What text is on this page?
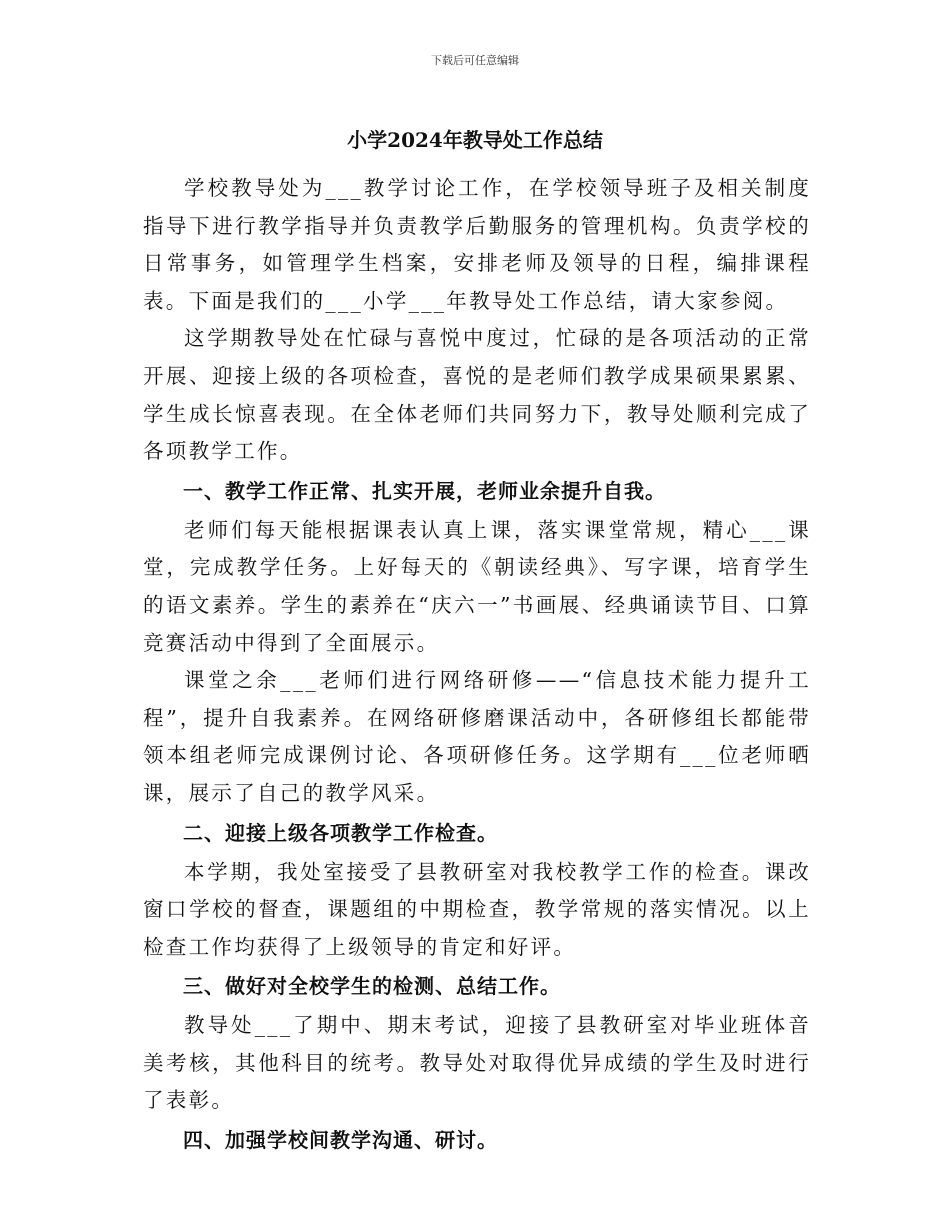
下载后可任意编辑
小学2024年教导处工作总结

学校教导处为___教学讨论工作，在学校领导班子及相关制度指导下进行教学指导并负责教学后勤服务的管理机构。负责学校的日常事务，如管理学生档案，安排老师及领导的日程，编排课程表。下面是我们的___小学___年教导处工作总结，请大家参阅。

这学期教导处在忙碌与喜悦中度过，忙碌的是各项活动的正常开展、迎接上级的各项检查，喜悦的是老师们教学成果硕果累累、学生成长惊喜表现。在全体老师们共同努力下，教导处顺利完成了各项教学工作。

一、教学工作正常、扎实开展，老师业余提升自我。

老师们每天能根据课表认真上课，落实课堂常规，精心___课堂，完成教学任务。上好每天的《朝读经典》、写字课，培育学生的语文素养。学生的素养在“庆六一”书画展、经典诵读节目、口算竞赛活动中得到了全面展示。

课堂之余___老师们进行网络研修——“信息技术能力提升工程”，提升自我素养。在网络研修磨课活动中，各研修组长都能带领本组老师完成课例讨论、各项研修任务。这学期有___位老师晒课，展示了自己的教学风采。

二、迎接上级各项教学工作检查。

本学期，我处室接受了县教研室对我校教学工作的检查。课改窗口学校的督查，课题组的中期检查，教学常规的落实情况。以上检查工作均获得了上级领导的肯定和好评。

三、做好对全校学生的检测、总结工作。

教导处___了期中、期末考试，迎接了县教研室对毕业班体音美考核，其他科目的统考。教导处对取得优异成绩的学生及时进行了表彰。

四、加强学校间教学沟通、研讨。
